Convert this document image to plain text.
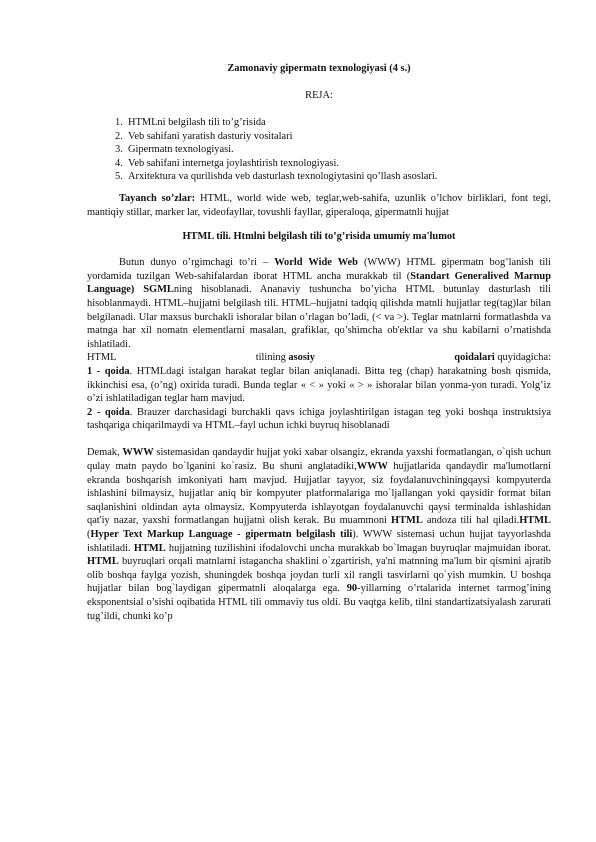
Zamonaviy gipermatn texnologiyasi (4 s.)
REJA:
1. HTMLni belgilash tili to’g’risida
2. Veb sahifani yaratish dasturiy vositalari
3. Gipermatn texnologiyasi.
4. Veb sahifani internetga joylashtirish texnologiyasi.
5. Arxitektura va qurilishda veb dasturlash texnologiytasini qo’llash asoslari.

Tayanch so’zlar: HTML, world wide web, teglar,web-sahifa, uzunlik o’lchov birliklari, font tegi, mantiqiy stillar, marker lar, videofayllar, tovushli fayllar, giperaloqa, gipermatnli hujjat

HTML tili. Htmlni belgilash tili to’g’risida umumiy ma'lumot

Butun dunyo o’rgimchagi to’ri – World Wide Web (WWW) HTML gipermatn bog’lanish tili yordamida tuzilgan Web-sahifalardan iborat HTML ancha murakkab til (Standart Generalived Marnup Language) SGMLning hisoblanadi. Ananaviy tushuncha bo’yicha HTML butunlay dasturlash tili hisoblanmaydi. HTML–hujjatni belgilash tili. HTML–hujjatni tadqiq qilishda matnli hujjatlar teg(tag)lar bilan belgilanadi. Ular maxsus burchakli ishoralar bilan o’rlagan bo’ladi, (< va >). Teglar matnlarni formatlashda va matnga har xil nomatn elementlarni masalan, grafiklar, qo’shimcha ob'ektlar va shu kabilarni o’rnatishda ishlatiladi.

HTML	tilining asosiy	qoidalari quyidagicha:

1 - qoida. HTMLdagi istalgan harakat teglar bilan aniqlanadi. Bitta teg (chap) harakatning bosh qismida, ikkinchisi esa, (o’ng) oxirida turadi. Bunda teglar « < » yoki « > » ishoralar bilan yonma-yon turadi. Yolg’iz o’zi ishlatiladigan teglar ham mavjud.

2 - qoida. Brauzer darchasidagi burchakli qavs ichiga joylashtirilgan istagan teg yoki boshqa instruktsiya tashqariga chiqarilmaydi va HTML–fayl uchun ichki buyruq hisoblanadi

Demak, WWW sistemasidan qandaydir hujjat yoki xabar olsangiz, ekranda yaxshi formatlangan, o`qish uchun qulay matn paydo bo`lganini ko`rasiz. Bu shuni anglatadiki,WWW hujjatlarida qandaydir ma'lumotlarni ekranda boshqarish imkoniyati ham mavjud. Hujjatlar tayyor, siz foydalanuvchiningqaysi kompyuterda ishlashini bilmaysiz, hujjatlar aniq bir kompyuter platformalariga mo`ljallangan yoki qaysidir format bilan saqlanishini oldindan ayta olmaysiz. Kompyuterda ishlayotgan foydalanuvchi qaysi terminalda ishlashidan qat'iy nazar, yaxshi formatlangan hujjatni olish kerak. Bu muammoni HTML andoza tili hal qiladi.HTML (Hyper Text Markup Language - gipermatn belgilash tili). WWW sistemasi uchun hujjat tayyorlashda ishlatiladi. HTML hujjatning tuzilishini ifodalovchi uncha murakkab bo`lmagan buyruqlar majmuidan iborat. HTML buyruqlari orqali matnlarni istagancha shaklini o`zgartirish, ya'ni matnning ma'lum bir qismini ajratib olib boshqa faylga yozish, shuningdek boshqa joydan turli xil rangli tasvirlarni qo`yish mumkin. U boshqa hujjatlar bilan bog`laydigan gipermatnli aloqalarga ega. 90-yillarning o’rtalarida internet tarmog’ining eksponentsial o’sishi oqibatida HTML tili ommaviy tus oldi. Bu vaqtga kelib, tilni standartizatsiyalash zarurati tug’ildi, chunki ko’p
